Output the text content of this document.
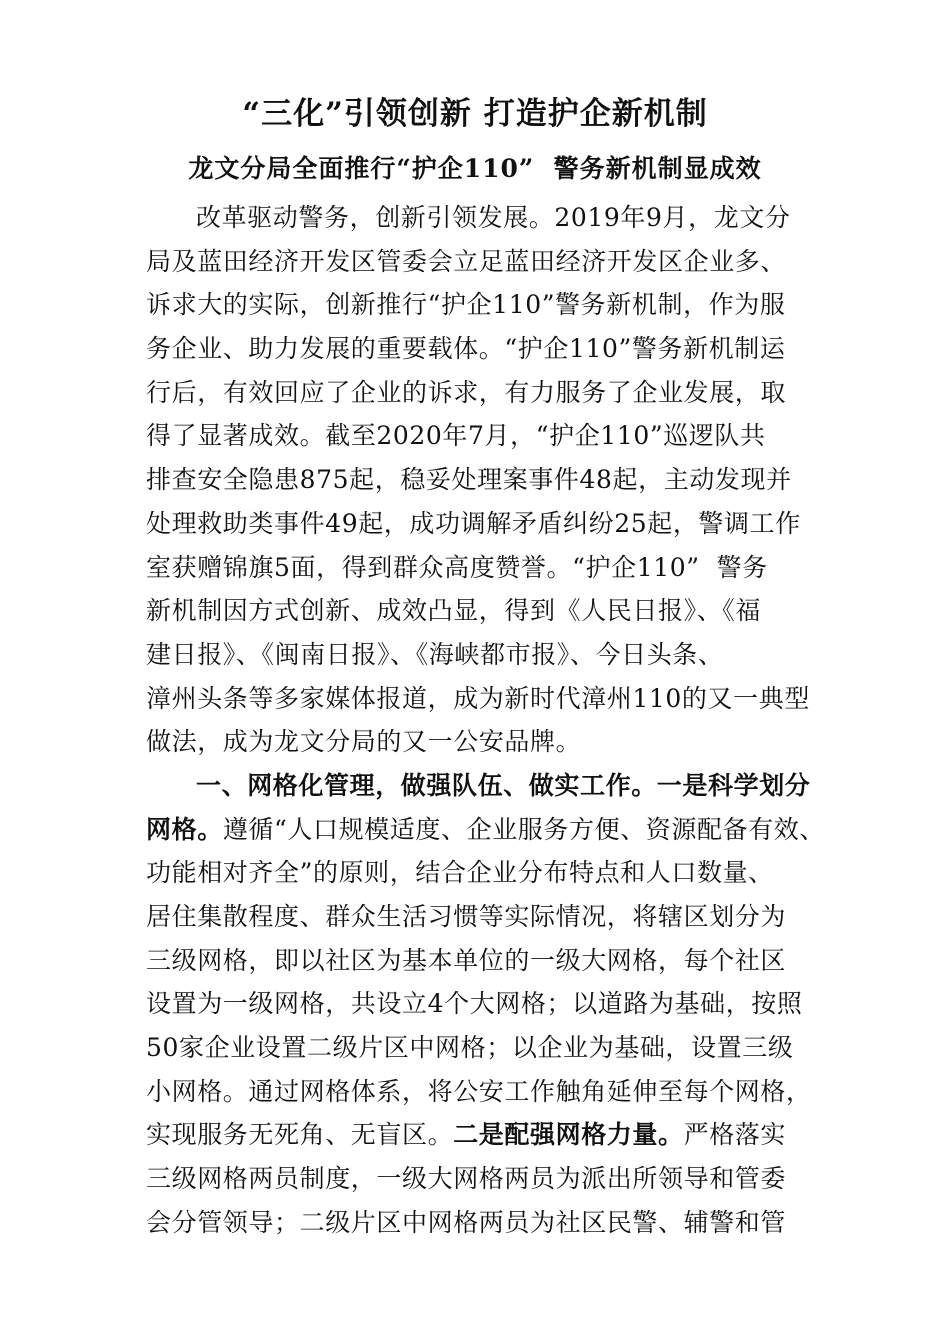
“三化”引领创新 打造护企新机制
龙文分局全面推行“护企110”  警务新机制显成效
改革驱动警务，创新引领发展。2019年9月，龙文分
局及蓝田经济开发区管委会立足蓝田经济开发区企业多、
诉求大的实际，创新推行“护企110”警务新机制，作为服
务企业、助力发展的重要载体。“护企110”警务新机制运
行后，有效回应了企业的诉求，有力服务了企业发展，取
得了显著成效。截至2020年7月，“护企110”巡逻队共
排查安全隐患875起，稳妥处理案事件48起，主动发现并
处理救助类事件49起，成功调解矛盾纠纷25起，警调工作
室获赠锦旗5面，得到群众高度赞誉。“护企110”  警务
新机制因方式创新、成效凸显，得到《人民日报》、《福
建日报》、《闽南日报》、《海峡都市报》、今日头条、
漳州头条等多家媒体报道，成为新时代漳州110的又一典型
做法，成为龙文分局的又一公安品牌。
一、网格化管理，做强队伍、做实工作。一是科学划分
网格。遵循“人口规模适度、企业服务方便、资源配备有效、
功能相对齐全”的原则，结合企业分布特点和人口数量、
居住集散程度、群众生活习惯等实际情况，将辖区划分为
三级网格，即以社区为基本单位的一级大网格，每个社区
设置为一级网格，共设立4个大网格；以道路为基础，按照
50家企业设置二级片区中网格；以企业为基础，设置三级
小网格。通过网格体系，将公安工作触角延伸至每个网格，
实现服务无死角、无盲区。二是配强网格力量。严格落实
三级网格两员制度，一级大网格两员为派出所领导和管委
会分管领导；二级片区中网格两员为社区民警、辅警和管
